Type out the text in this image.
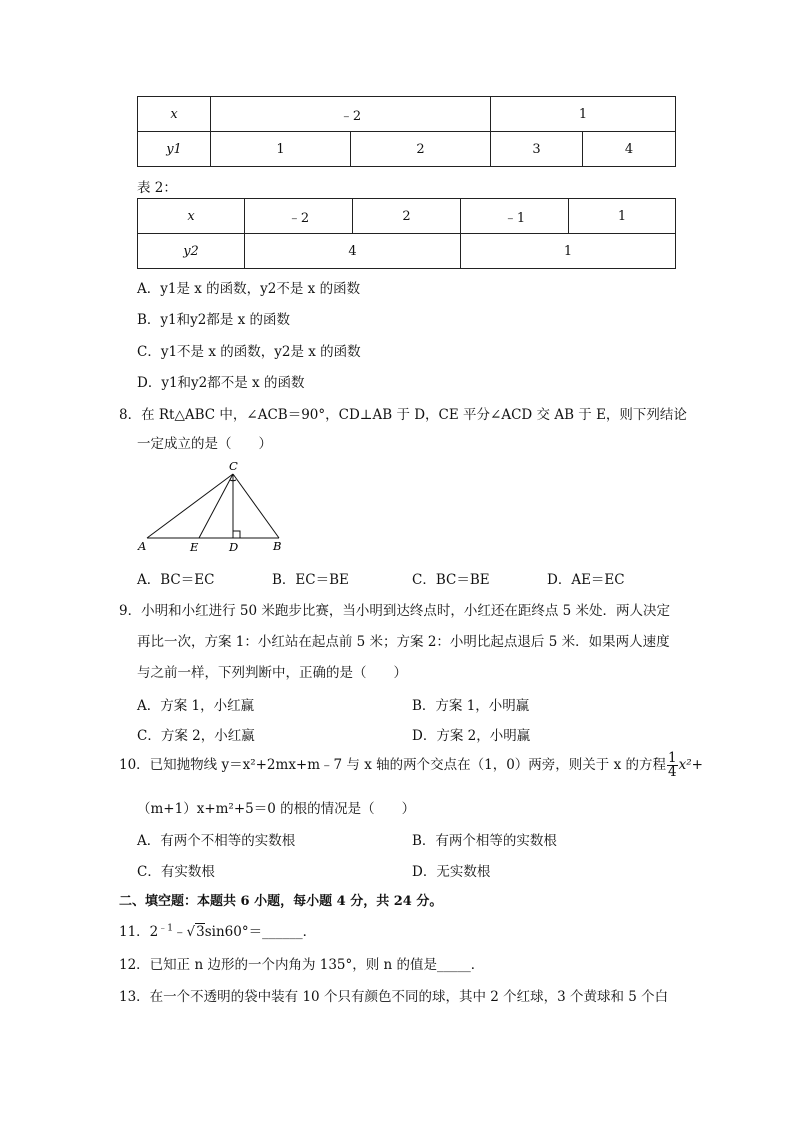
x	﹣2		1	
y1	1	2	3	4
表 2：
x	﹣2	2	﹣1	1
y2	4		1	
A．y1是 x 的函数，y2不是 x 的函数
B．y1和y2都是 x 的函数
C．y1不是 x 的函数，y2是 x 的函数
D．y1和y2都不是 x 的函数
8．在 Rt△ABC 中，∠ACB＝90°，CD⊥AB 于 D，CE 平分∠ACD 交 AB 于 E，则下列结论
一定成立的是（　　）
C
A	E	D	B
A．BC＝EC	B．EC＝BE	C．BC＝BE	D．AE＝EC
9．小明和小红进行 50 米跑步比赛，当小明到达终点时，小红还在距终点 5 米处．两人决定
再比一次，方案 1：小红站在起点前 5 米；方案 2：小明比起点退后 5 米．如果两人速度
与之前一样，下列判断中，正确的是（　　）
A．方案 1，小红赢	B．方案 1，小明赢
C．方案 2，小红赢	D．方案 2，小明赢
10．已知抛物线 y＝x²+2mx+m﹣7 与 x 轴的两个交点在（1，0）两旁，则关于 x 的方程 $\frac{1}{4} x^2+$
（m+1）x+m²+5＝0 的根的情况是（　　）
A．有两个不相等的实数根	B．有两个相等的实数根
C．有实数根	D．无实数根
二、填空题：本题共 6 小题，每小题 4 分，共 24 分。
11．$2^{﹣1}﹣√3\sin 60^\circ=\_\_\_\_\_\_$．
12．已知正 n 边形的一个内角为 135°，则 n 的值是_____．
13．在一个不透明的袋中装有 10 个只有颜色不同的球，其中 2 个红球，3 个黄球和 5 个白
